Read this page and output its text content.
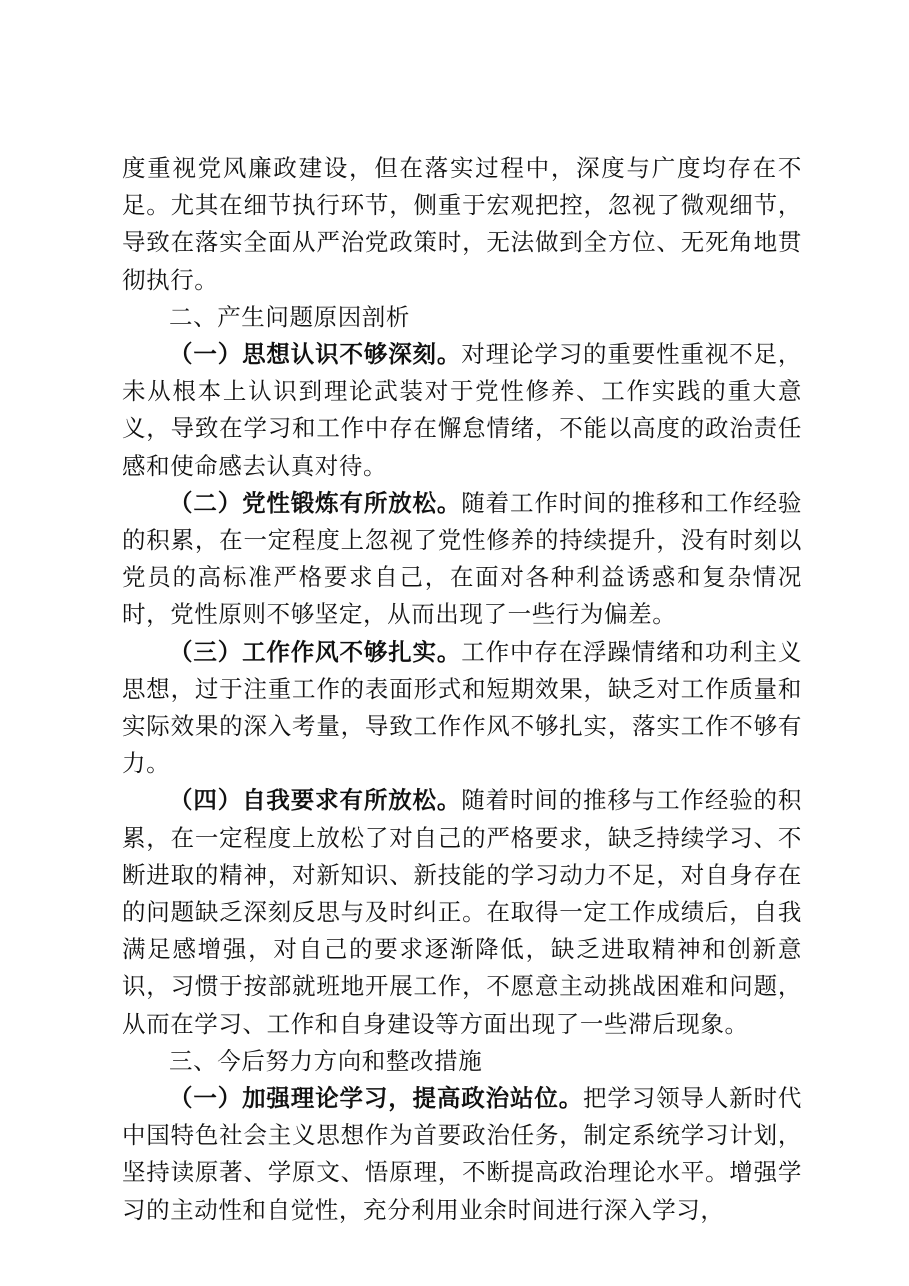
度重视党风廉政建设，但在落实过程中，深度与广度均存在不足。尤其在细节执行环节，侧重于宏观把控，忽视了微观细节，导致在落实全面从严治党政策时，无法做到全方位、无死角地贯彻执行。

二、产生问题原因剖析

（一）思想认识不够深刻。对理论学习的重要性重视不足，未从根本上认识到理论武装对于党性修养、工作实践的重大意义，导致在学习和工作中存在懈怠情绪，不能以高度的政治责任感和使命感去认真对待。

（二）党性锻炼有所放松。随着工作时间的推移和工作经验的积累，在一定程度上忽视了党性修养的持续提升，没有时刻以党员的高标准严格要求自己，在面对各种利益诱惑和复杂情况时，党性原则不够坚定，从而出现了一些行为偏差。

（三）工作作风不够扎实。工作中存在浮躁情绪和功利主义思想，过于注重工作的表面形式和短期效果，缺乏对工作质量和实际效果的深入考量，导致工作作风不够扎实，落实工作不够有力。

（四）自我要求有所放松。随着时间的推移与工作经验的积累，在一定程度上放松了对自己的严格要求，缺乏持续学习、不断进取的精神，对新知识、新技能的学习动力不足，对自身存在的问题缺乏深刻反思与及时纠正。在取得一定工作成绩后，自我满足感增强，对自己的要求逐渐降低，缺乏进取精神和创新意识，习惯于按部就班地开展工作，不愿意主动挑战困难和问题，从而在学习、工作和自身建设等方面出现了一些滞后现象。

三、今后努力方向和整改措施

（一）加强理论学习，提高政治站位。把学习领导人新时代中国特色社会主义思想作为首要政治任务，制定系统学习计划，坚持读原著、学原文、悟原理，不断提高政治理论水平。增强学习的主动性和自觉性，充分利用业余时间进行深入学习，
